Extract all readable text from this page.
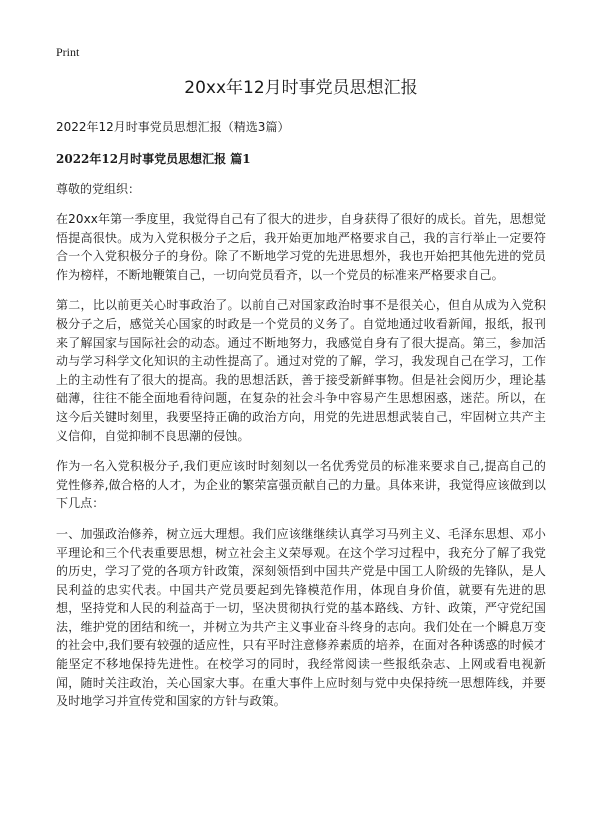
Print
20xx年12月时事党员思想汇报
2022年12月时事党员思想汇报（精选3篇）
2022年12月时事党员思想汇报 篇1
尊敬的党组织：

在20xx年第一季度里，我觉得自己有了很大的进步，自身获得了很好的成长。首先，思想觉悟提高很快。成为入党积极分子之后，我开始更加地严格要求自己，我的言行举止一定要符合一个入党积极分子的身份。除了不断地学习党的先进思想外，我也开始把其他先进的党员作为榜样，不断地鞭策自己，一切向党员看齐，以一个党员的标准来严格要求自己。

第二，比以前更关心时事政治了。以前自己对国家政治时事不是很关心，但自从成为入党积极分子之后，感觉关心国家的时政是一个党员的义务了。自觉地通过收看新闻，报纸，报刊来了解国家与国际社会的动态。通过不断地努力，我感觉自身有了很大提高。第三，参加活动与学习科学文化知识的主动性提高了。通过对党的了解，学习，我发现自己在学习，工作上的主动性有了很大的提高。我的思想活跃，善于接受新鲜事物。但是社会阅历少，理论基础薄，往往不能全面地看待问题，在复杂的社会斗争中容易产生思想困惑，迷茫。所以，在这今后关键时刻里，我要坚持正确的政治方向，用党的先进思想武装自己，牢固树立共产主义信仰，自觉抑制不良思潮的侵蚀。

作为一名入党积极分子,我们更应该时时刻刻以一名优秀党员的标准来要求自己,提高自己的党性修养,做合格的人才，为企业的繁荣富强贡献自己的力量。具体来讲，我觉得应该做到以下几点：

一、加强政治修养，树立远大理想。我们应该继继续认真学习马列主义、毛泽东思想、邓小平理论和三个代表重要思想，树立社会主义荣辱观。在这个学习过程中，我充分了解了我党的历史，学习了党的各项方针政策，深刻领悟到中国共产党是中国工人阶级的先锋队，是人民利益的忠实代表。中国共产党员要起到先锋模范作用，体现自身价值，就要有先进的思想，坚持党和人民的利益高于一切，坚决贯彻执行党的基本路线、方针、政策，严守党纪国法，维护党的团结和统一，并树立为共产主义事业奋斗终身的志向。我们处在一个瞬息万变的社会中,我们要有较强的适应性，只有平时注意修养素质的培养，在面对各种诱惑的时候才能坚定不移地保持先进性。在校学习的同时，我经常阅读一些报纸杂志、上网或看电视新闻，随时关注政治，关心国家大事。在重大事件上应时刻与党中央保持统一思想阵线，并要及时地学习并宣传党和国家的方针与政策。
